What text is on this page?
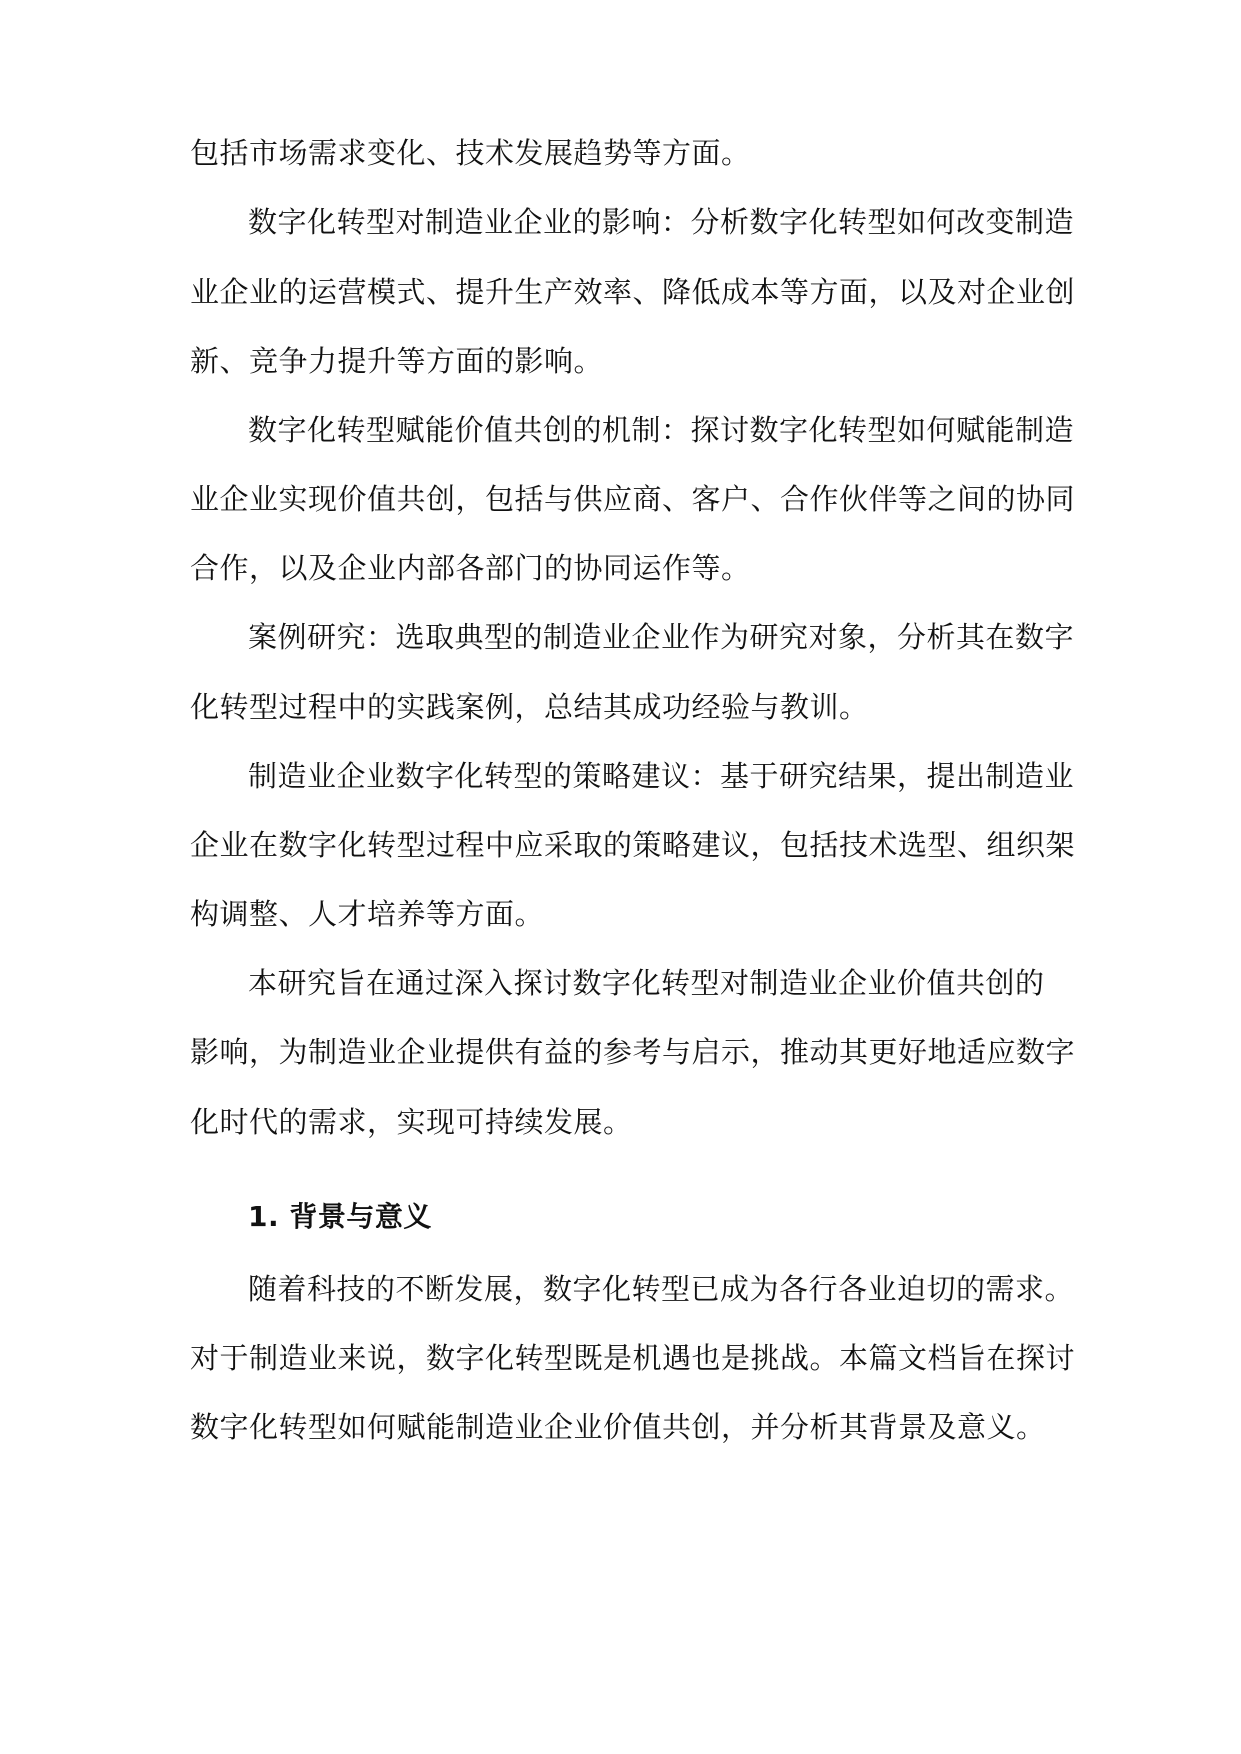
包括市场需求变化、技术发展趋势等方面。
数字化转型对制造业企业的影响：分析数字化转型如何改变制造
业企业的运营模式、提升生产效率、降低成本等方面，以及对企业创
新、竞争力提升等方面的影响。
数字化转型赋能价值共创的机制：探讨数字化转型如何赋能制造
业企业实现价值共创，包括与供应商、客户、合作伙伴等之间的协同
合作，以及企业内部各部门的协同运作等。
案例研究：选取典型的制造业企业作为研究对象，分析其在数字
化转型过程中的实践案例，总结其成功经验与教训。
制造业企业数字化转型的策略建议：基于研究结果，提出制造业
企业在数字化转型过程中应采取的策略建议，包括技术选型、组织架
构调整、人才培养等方面。
本研究旨在通过深入探讨数字化转型对制造业企业价值共创的
影响，为制造业企业提供有益的参考与启示，推动其更好地适应数字
化时代的需求，实现可持续发展。
1. 背景与意义
随着科技的不断发展，数字化转型已成为各行各业迫切的需求。
对于制造业来说，数字化转型既是机遇也是挑战。本篇文档旨在探讨
数字化转型如何赋能制造业企业价值共创，并分析其背景及意义。
